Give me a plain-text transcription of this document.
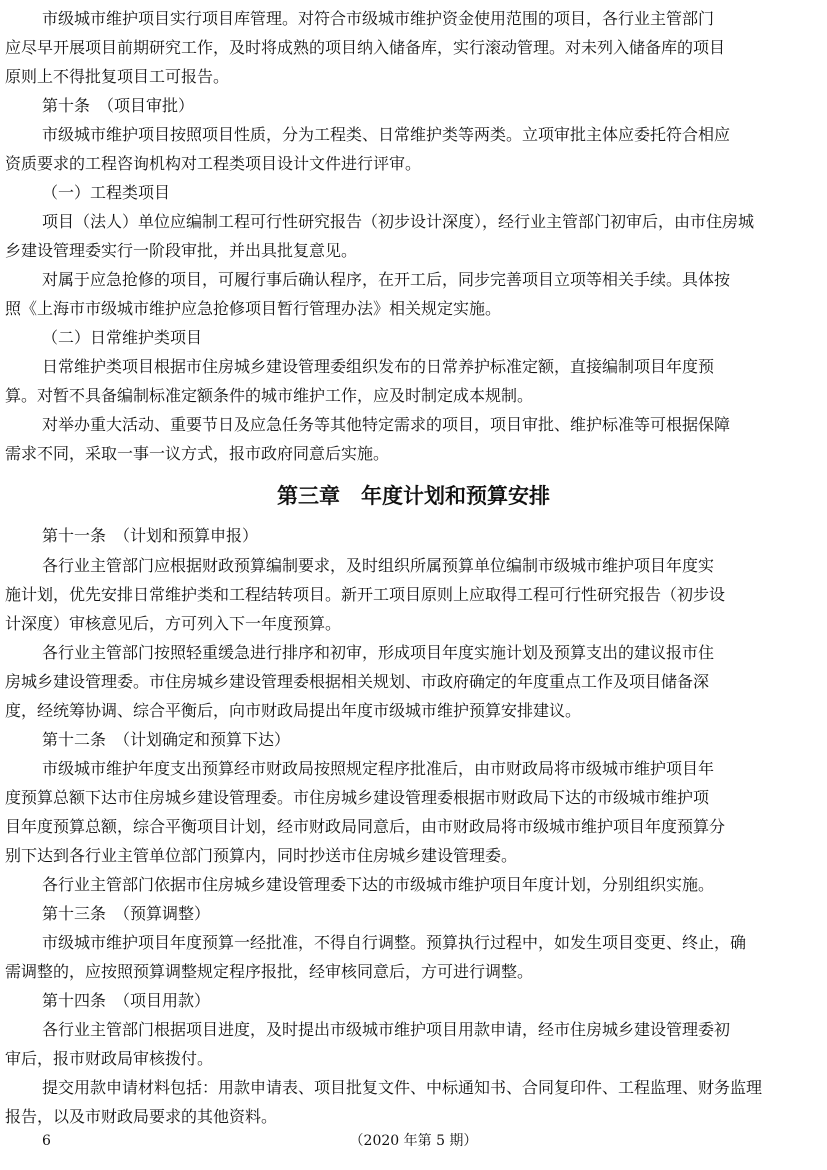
市级城市维护项目实行项目库管理。对符合市级城市维护资金使用范围的项目，各行业主管部门
应尽早开展项目前期研究工作，及时将成熟的项目纳入储备库，实行滚动管理。对未列入储备库的项目
原则上不得批复项目工可报告。
第十条　（项目审批）
市级城市维护项目按照项目性质，分为工程类、日常维护类等两类。立项审批主体应委托符合相应
资质要求的工程咨询机构对工程类项目设计文件进行评审。
（一）工程类项目
项目（法人）单位应编制工程可行性研究报告（初步设计深度），经行业主管部门初审后，由市住房城
乡建设管理委实行一阶段审批，并出具批复意见。
对属于应急抢修的项目，可履行事后确认程序，在开工后，同步完善项目立项等相关手续。具体按
照《上海市市级城市维护应急抢修项目暂行管理办法》相关规定实施。
（二）日常维护类项目
日常维护类项目根据市住房城乡建设管理委组织发布的日常养护标准定额，直接编制项目年度预
算。对暂不具备编制标准定额条件的城市维护工作，应及时制定成本规制。
对举办重大活动、重要节日及应急任务等其他特定需求的项目，项目审批、维护标准等可根据保障
需求不同，采取一事一议方式，报市政府同意后实施。
第十一条　（计划和预算申报）
各行业主管部门应根据财政预算编制要求，及时组织所属预算单位编制市级城市维护项目年度实
施计划，优先安排日常维护类和工程结转项目。新开工项目原则上应取得工程可行性研究报告（初步设
计深度）审核意见后，方可列入下一年度预算。
各行业主管部门按照轻重缓急进行排序和初审，形成项目年度实施计划及预算支出的建议报市住
房城乡建设管理委。市住房城乡建设管理委根据相关规划、市政府确定的年度重点工作及项目储备深
度，经统筹协调、综合平衡后，向市财政局提出年度市级城市维护预算安排建议。
第十二条　（计划确定和预算下达）
市级城市维护年度支出预算经市财政局按照规定程序批准后，由市财政局将市级城市维护项目年
度预算总额下达市住房城乡建设管理委。市住房城乡建设管理委根据市财政局下达的市级城市维护项
目年度预算总额，综合平衡项目计划，经市财政局同意后，由市财政局将市级城市维护项目年度预算分
别下达到各行业主管单位部门预算内，同时抄送市住房城乡建设管理委。
各行业主管部门依据市住房城乡建设管理委下达的市级城市维护项目年度计划，分别组织实施。
第十三条　（预算调整）
市级城市维护项目年度预算一经批准，不得自行调整。预算执行过程中，如发生项目变更、终止，确
需调整的，应按照预算调整规定程序报批，经审核同意后，方可进行调整。
第十四条　（项目用款）
各行业主管部门根据项目进度，及时提出市级城市维护项目用款申请，经市住房城乡建设管理委初
审后，报市财政局审核拨付。
提交用款申请材料包括：用款申请表、项目批复文件、中标通知书、合同复印件、工程监理、财务监理
报告，以及市财政局要求的其他资料。
第三章　年度计划和预算安排
6	（2020 年第 5 期）
